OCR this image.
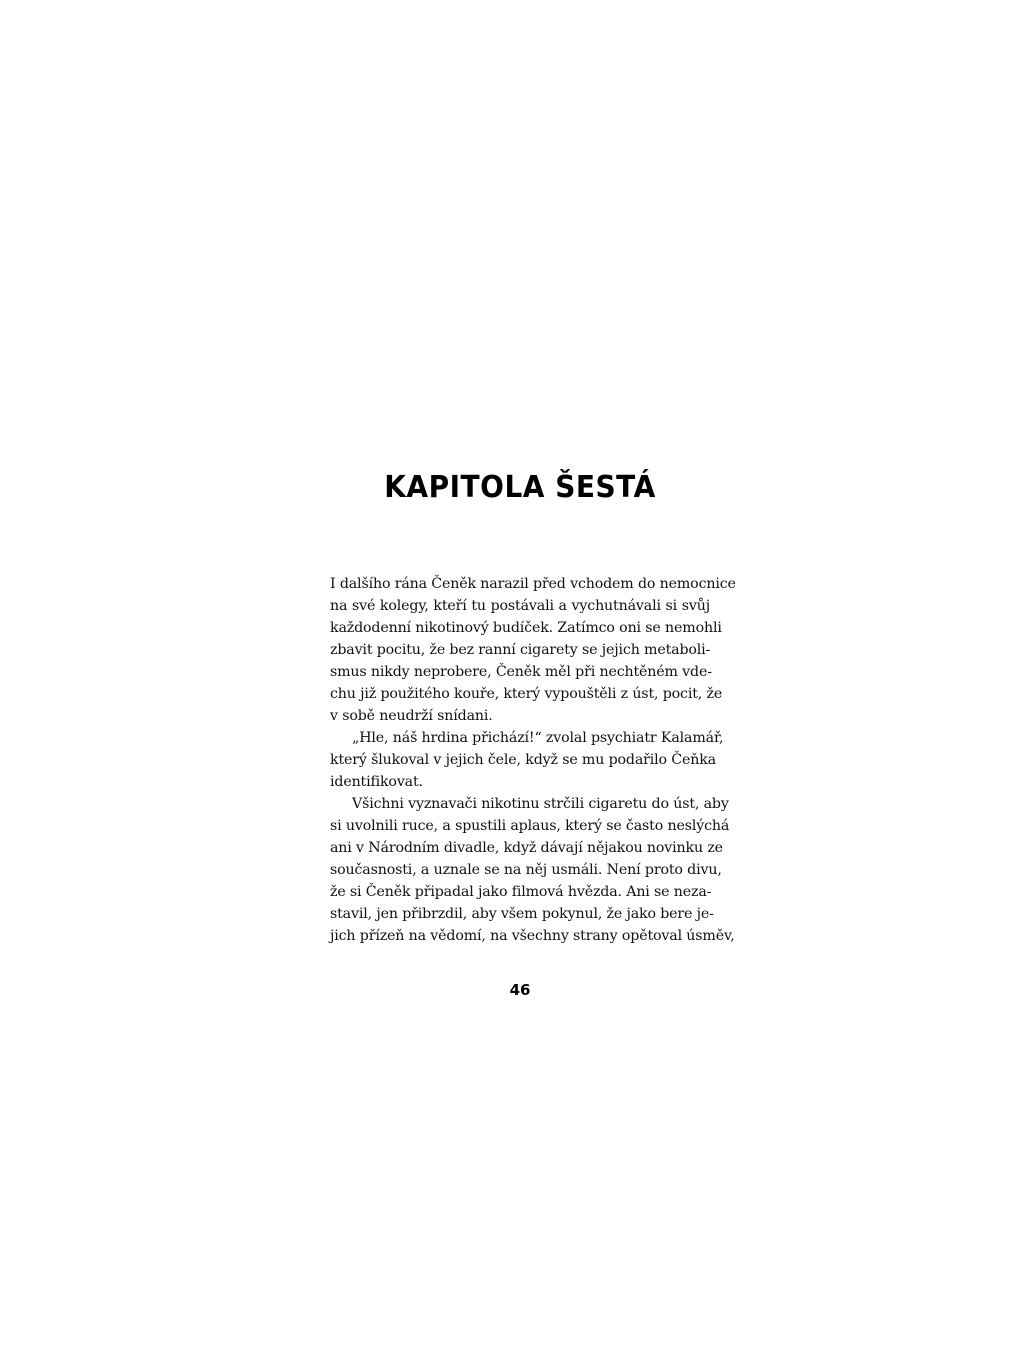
KAPITOLA ŠESTÁ
I dalšího rána Čeněk narazil před vchodem do nemocnice
na své kolegy, kteří tu postávali a vychutnávali si svůj
každodenní nikotinový budíček. Zatímco oni se nemohli
zbavit pocitu, že bez ranní cigarety se jejich metaboli-
smus nikdy neprobere, Čeněk měl při nechtěném vde-
chu již použitého kouře, který vypouštěli z úst, pocit, že
v sobě neudrží snídani.
„Hle, náš hrdina přichází!“ zvolal psychiatr Kalamář,
který šlukoval v jejich čele, když se mu podařilo Čeňka
identifikovat.
Všichni vyznavači nikotinu strčili cigaretu do úst, aby
si uvolnili ruce, a spustili aplaus, který se často neslýchá
ani v Národním divadle, když dávají nějakou novinku ze
současnosti, a uznale se na něj usmáli. Není proto divu,
že si Čeněk připadal jako filmová hvězda. Ani se neza-
stavil, jen přibrzdil, aby všem pokynul, že jako bere je-
jich přízeň na vědomí, na všechny strany opětoval úsměv,
46
